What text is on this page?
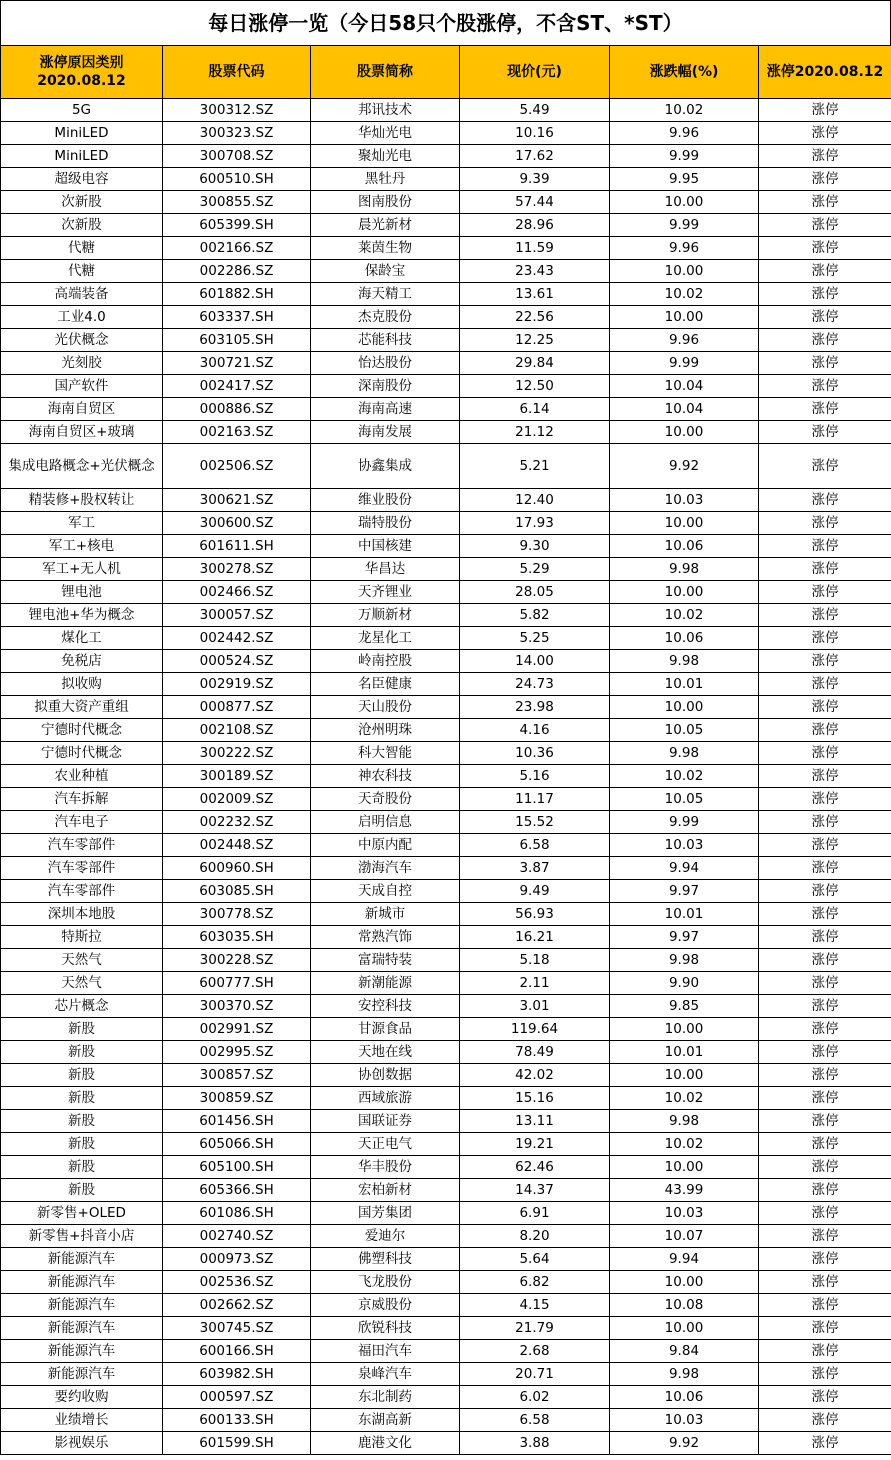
每日涨停一览（今日58只个股涨停，不含ST、*ST）
涨停原因类别
2020.08.12	股票代码	股票简称	现价(元)	涨跌幅(%)	涨停2020.08.12
5G	300312.SZ	邦讯技术	5.49	10.02	涨停
MiniLED	300323.SZ	华灿光电	10.16	9.96	涨停
MiniLED	300708.SZ	聚灿光电	17.62	9.99	涨停
超级电容	600510.SH	黑牡丹	9.39	9.95	涨停
次新股	300855.SZ	图南股份	57.44	10.00	涨停
次新股	605399.SH	晨光新材	28.96	9.99	涨停
代糖	002166.SZ	莱茵生物	11.59	9.96	涨停
代糖	002286.SZ	保龄宝	23.43	10.00	涨停
高端装备	601882.SH	海天精工	13.61	10.02	涨停
工业4.0	603337.SH	杰克股份	22.56	10.00	涨停
光伏概念	603105.SH	芯能科技	12.25	9.96	涨停
光刻胶	300721.SZ	怡达股份	29.84	9.99	涨停
国产软件	002417.SZ	深南股份	12.50	10.04	涨停
海南自贸区	000886.SZ	海南高速	6.14	10.04	涨停
海南自贸区+玻璃	002163.SZ	海南发展	21.12	10.00	涨停
集成电路概念+光伏概念	002506.SZ	协鑫集成	5.21	9.92	涨停
精装修+股权转让	300621.SZ	维业股份	12.40	10.03	涨停
军工	300600.SZ	瑞特股份	17.93	10.00	涨停
军工+核电	601611.SH	中国核建	9.30	10.06	涨停
军工+无人机	300278.SZ	华昌达	5.29	9.98	涨停
锂电池	002466.SZ	天齐锂业	28.05	10.00	涨停
锂电池+华为概念	300057.SZ	万顺新材	5.82	10.02	涨停
煤化工	002442.SZ	龙星化工	5.25	10.06	涨停
免税店	000524.SZ	岭南控股	14.00	9.98	涨停
拟收购	002919.SZ	名臣健康	24.73	10.01	涨停
拟重大资产重组	000877.SZ	天山股份	23.98	10.00	涨停
宁德时代概念	002108.SZ	沧州明珠	4.16	10.05	涨停
宁德时代概念	300222.SZ	科大智能	10.36	9.98	涨停
农业种植	300189.SZ	神农科技	5.16	10.02	涨停
汽车拆解	002009.SZ	天奇股份	11.17	10.05	涨停
汽车电子	002232.SZ	启明信息	15.52	9.99	涨停
汽车零部件	002448.SZ	中原内配	6.58	10.03	涨停
汽车零部件	600960.SH	渤海汽车	3.87	9.94	涨停
汽车零部件	603085.SH	天成自控	9.49	9.97	涨停
深圳本地股	300778.SZ	新城市	56.93	10.01	涨停
特斯拉	603035.SH	常熟汽饰	16.21	9.97	涨停
天然气	300228.SZ	富瑞特装	5.18	9.98	涨停
天然气	600777.SH	新潮能源	2.11	9.90	涨停
芯片概念	300370.SZ	安控科技	3.01	9.85	涨停
新股	002991.SZ	甘源食品	119.64	10.00	涨停
新股	002995.SZ	天地在线	78.49	10.01	涨停
新股	300857.SZ	协创数据	42.02	10.00	涨停
新股	300859.SZ	西域旅游	15.16	10.02	涨停
新股	601456.SH	国联证券	13.11	9.98	涨停
新股	605066.SH	天正电气	19.21	10.02	涨停
新股	605100.SH	华丰股份	62.46	10.00	涨停
新股	605366.SH	宏柏新材	14.37	43.99	涨停
新零售+OLED	601086.SH	国芳集团	6.91	10.03	涨停
新零售+抖音小店	002740.SZ	爱迪尔	8.20	10.07	涨停
新能源汽车	000973.SZ	佛塑科技	5.64	9.94	涨停
新能源汽车	002536.SZ	飞龙股份	6.82	10.00	涨停
新能源汽车	002662.SZ	京威股份	4.15	10.08	涨停
新能源汽车	300745.SZ	欣锐科技	21.79	10.00	涨停
新能源汽车	600166.SH	福田汽车	2.68	9.84	涨停
新能源汽车	603982.SH	泉峰汽车	20.71	9.98	涨停
要约收购	000597.SZ	东北制药	6.02	10.06	涨停
业绩增长	600133.SH	东湖高新	6.58	10.03	涨停
影视娱乐	601599.SH	鹿港文化	3.88	9.92	涨停
